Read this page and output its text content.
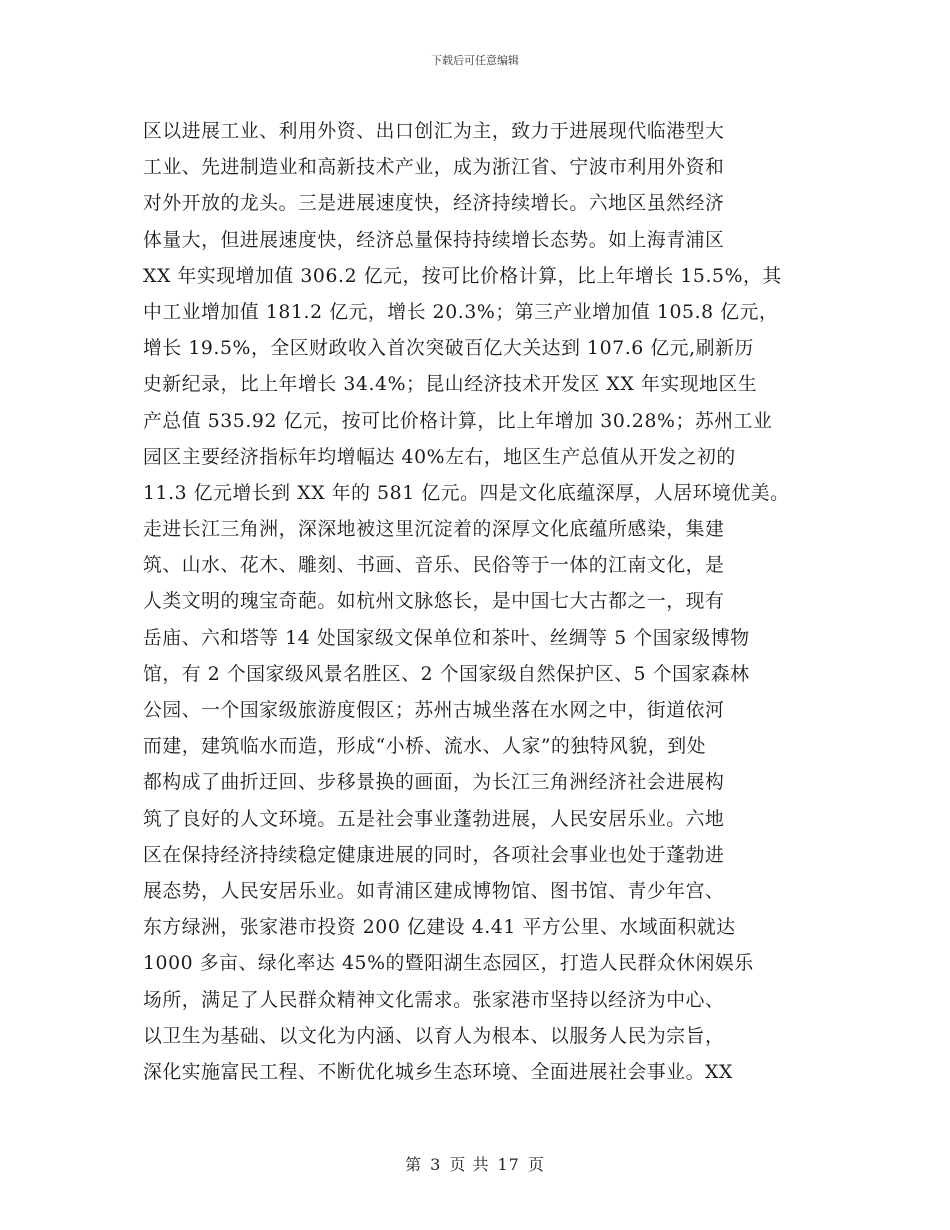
下载后可任意编辑
区以进展工业、利用外资、出口创汇为主，致力于进展现代临港型大
工业、先进制造业和高新技术产业，成为浙江省、宁波市利用外资和
对外开放的龙头。三是进展速度快，经济持续增长。六地区虽然经济
体量大，但进展速度快，经济总量保持持续增长态势。如上海青浦区
XX 年实现增加值 306.2 亿元，按可比价格计算，比上年增长 15.5%，其
中工业增加值 181.2 亿元，增长 20.3%；第三产业增加值 105.8 亿元，
增长 19.5%，全区财政收入首次突破百亿大关达到 107.6 亿元,刷新历
史新纪录，比上年增长 34.4%；昆山经济技术开发区 XX 年实现地区生
产总值 535.92 亿元，按可比价格计算，比上年增加 30.28%；苏州工业
园区主要经济指标年均增幅达 40%左右，地区生产总值从开发之初的
11.3 亿元增长到 XX 年的 581 亿元。四是文化底蕴深厚，人居环境优美。
走进长江三角洲，深深地被这里沉淀着的深厚文化底蕴所感染，集建
筑、山水、花木、雕刻、书画、音乐、民俗等于一体的江南文化，是
人类文明的瑰宝奇葩。如杭州文脉悠长，是中国七大古都之一，现有
岳庙、六和塔等 14 处国家级文保单位和茶叶、丝绸等 5 个国家级博物
馆，有 2 个国家级风景名胜区、2 个国家级自然保护区、5 个国家森林
公园、一个国家级旅游度假区；苏州古城坐落在水网之中，街道依河
而建，建筑临水而造，形成“小桥、流水、人家”的独特风貌，到处
都构成了曲折迂回、步移景换的画面，为长江三角洲经济社会进展构
筑了良好的人文环境。五是社会事业蓬勃进展，人民安居乐业。六地
区在保持经济持续稳定健康进展的同时，各项社会事业也处于蓬勃进
展态势，人民安居乐业。如青浦区建成博物馆、图书馆、青少年宫、
东方绿洲，张家港市投资 200 亿建设 4.41 平方公里、水域面积就达
1000 多亩、绿化率达 45%的暨阳湖生态园区，打造人民群众休闲娱乐
场所，满足了人民群众精神文化需求。张家港市坚持以经济为中心、
以卫生为基础、以文化为内涵、以育人为根本、以服务人民为宗旨，
深化实施富民工程、不断优化城乡生态环境、全面进展社会事业。XX
第 3 页 共 17 页
